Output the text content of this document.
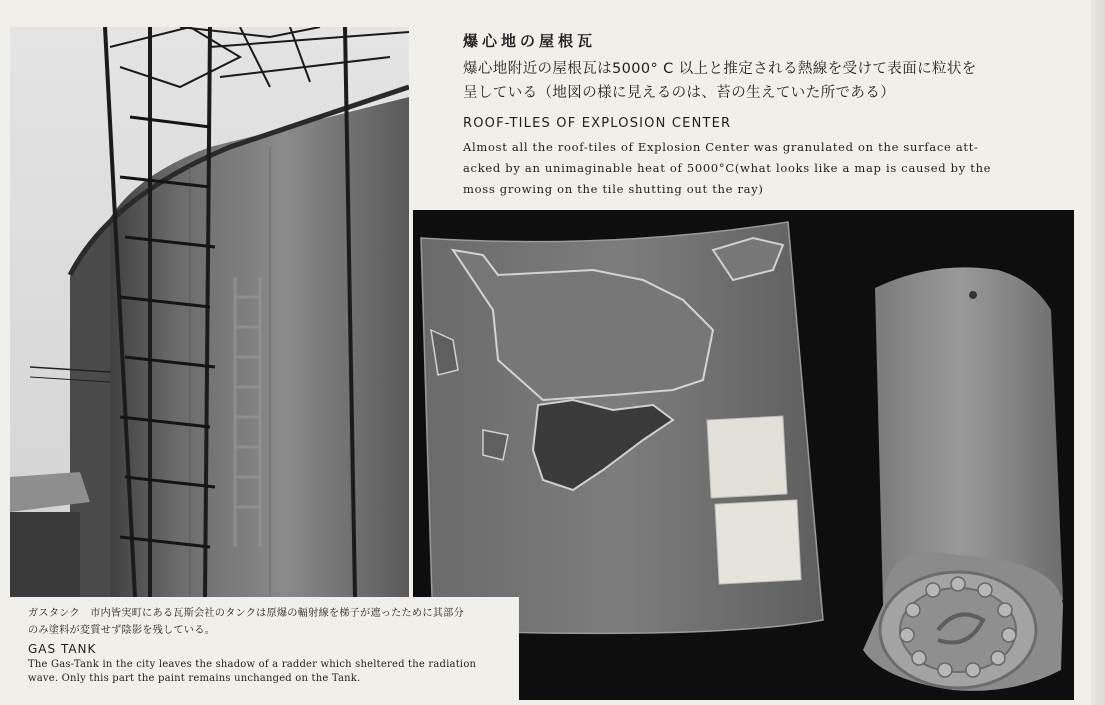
爆心地の屋根瓦

爆心地附近の屋根瓦は5000° C 以上と推定される熱線を受けて表面に粒状を
呈している（地図の様に見えるのは、苔の生えていた所である）

ROOF-TILES OF EXPLOSION CENTER

Almost all the roof-tiles of Explosion Center was granulated on the surface att-
acked by an unimaginable heat of 5000°C(what looks like a map is caused by the
moss growing on the tile shutting out the ray)

ガスタンク　市内皆実町にある瓦斯会社のタンクは原爆の輻射線を梯子が遮ったために其部分
のみ塗料が変質せず陰影を残している。

GAS TANK

The Gas-Tank in the city leaves the shadow of a radder which sheltered the radiation
wave. Only this part the paint remains unchanged on the Tank.
